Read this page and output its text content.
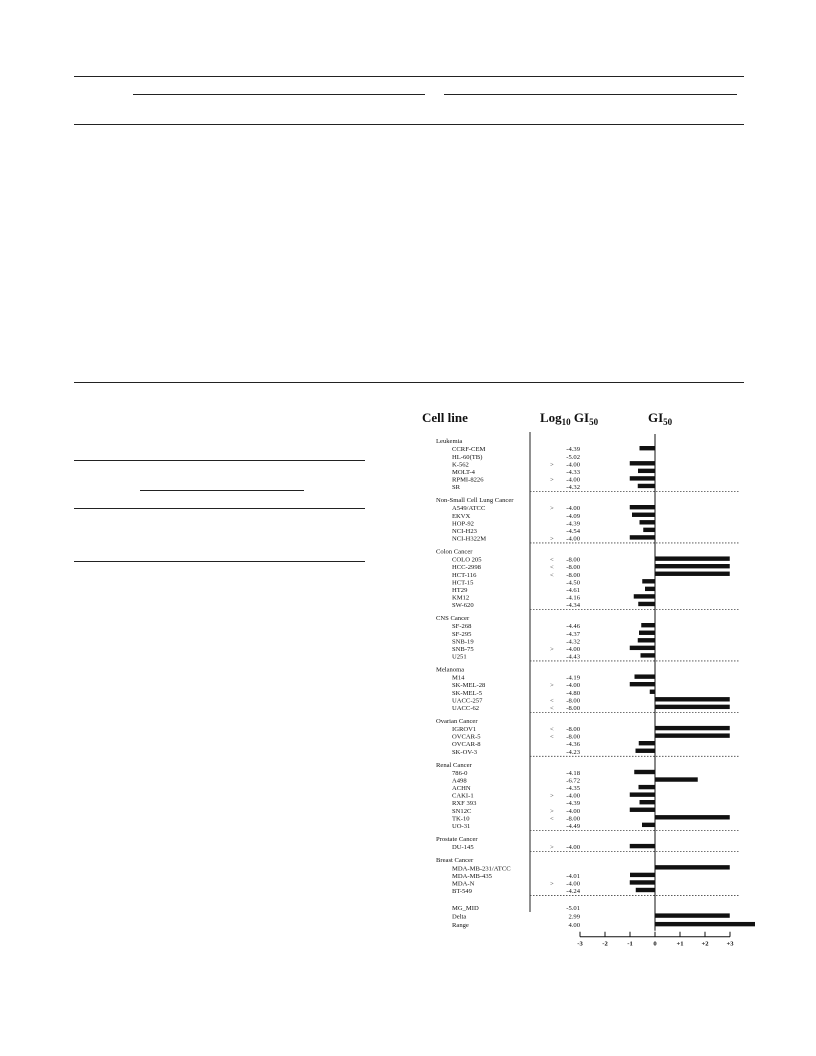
Cell line	Log$_{10}$ $GI_{50}$	$GI_{50}$
Leukemia
CCRF-CEM	-4.39
HL-60(TB)	-5.02
K-562	> -4.00
MOLT-4	-4.33
RPMI-8226	> -4.00
SR	-4.32
Non-Small Cell Lung Cancer
A549/ATCC	> -4.00
EKVX	-4.09
HOP-92	-4.39
NCI-H23	-4.54
NCI-H322M	> -4.00
Colon Cancer
COLO 205	< -8.00
HCC-2998	< -8.00
HCT-116	< -8.00
HCT-15	-4.50
HT29	-4.61
KM12	-4.16
SW-620	-4.34
CNS Cancer
SF-268	-4.46
SF-295	-4.37
SNB-19	-4.32
SNB-75	> -4.00
U251	-4.43
Melanoma
M14	-4.19
SK-MEL-28	> -4.00
SK-MEL-5	-4.80
UACC-257	< -8.00
UACC-62	< -8.00
Ovarian Cancer
IGROV1	< -8.00
OVCAR-5	< -8.00
OVCAR-8	-4.36
SK-OV-3	-4.23
Renal Cancer
786-0	-4.18
A498	-6.72
ACHN	-4.35
CAKI-1	> -4.00
RXF 393	-4.39
SN12C	> -4.00
TK-10	< -8.00
UO-31	-4.49
Prostate Cancer
DU-145	> -4.00
Breast Cancer
MDA-MB-231/ATCC
MDA-MB-435	-4.01
MDA-N	> -4.00
BT-549	-4.24
MG_MID	-5.01
Delta	2.99
Range	4.00
+3
+2
+1
0
-1
-2
-3
